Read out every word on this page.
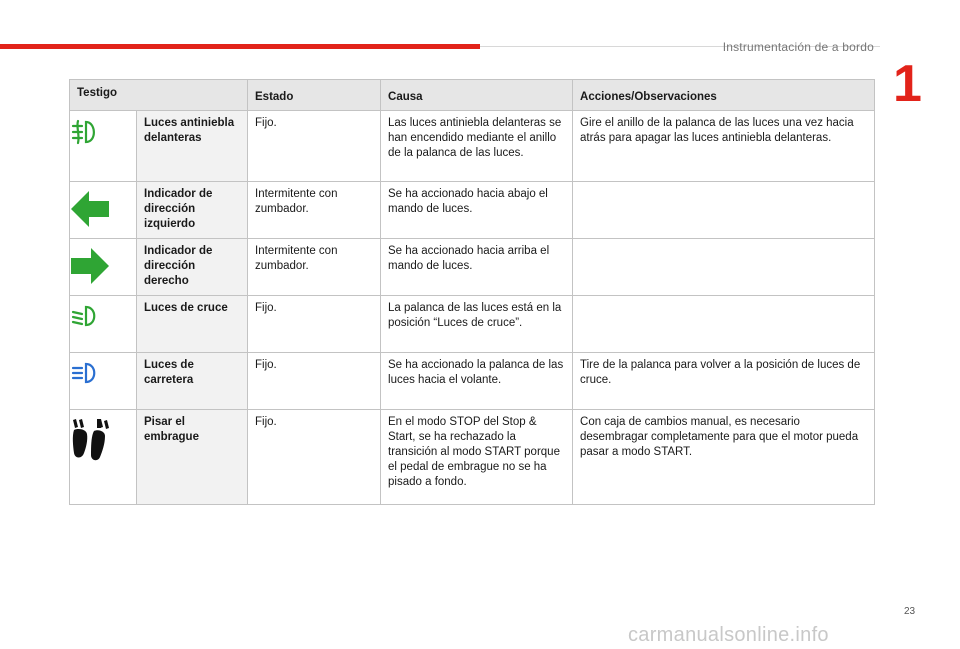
Instrumentación de a bordo
1
Testigo		Estado	Causa	Acciones/Observaciones
	Luces antiniebla delanteras	Fijo.	Las luces antiniebla delanteras se han encendido mediante el anillo de la palanca de las luces.	Gire el anillo de la palanca de las luces una vez hacia atrás para apagar las luces antiniebla delanteras.
	Indicador de dirección izquierdo	Intermitente con zumbador.	Se ha accionado hacia abajo el mando de luces.	
	Indicador de dirección derecho	Intermitente con zumbador.	Se ha accionado hacia arriba el mando de luces.	
	Luces de cruce	Fijo.	La palanca de las luces está en la posición “Luces de cruce”.	
	Luces de carretera	Fijo.	Se ha accionado la palanca de las luces hacia el volante.	Tire de la palanca para volver a la posición de luces de cruce.
	Pisar el embrague	Fijo.	En el modo STOP del Stop & Start, se ha rechazado la transición al modo START porque el pedal de embrague no se ha pisado a fondo.	Con caja de cambios manual, es necesario desembragar completamente para que el motor pueda pasar a modo START.
23
carmanualsonline.info
